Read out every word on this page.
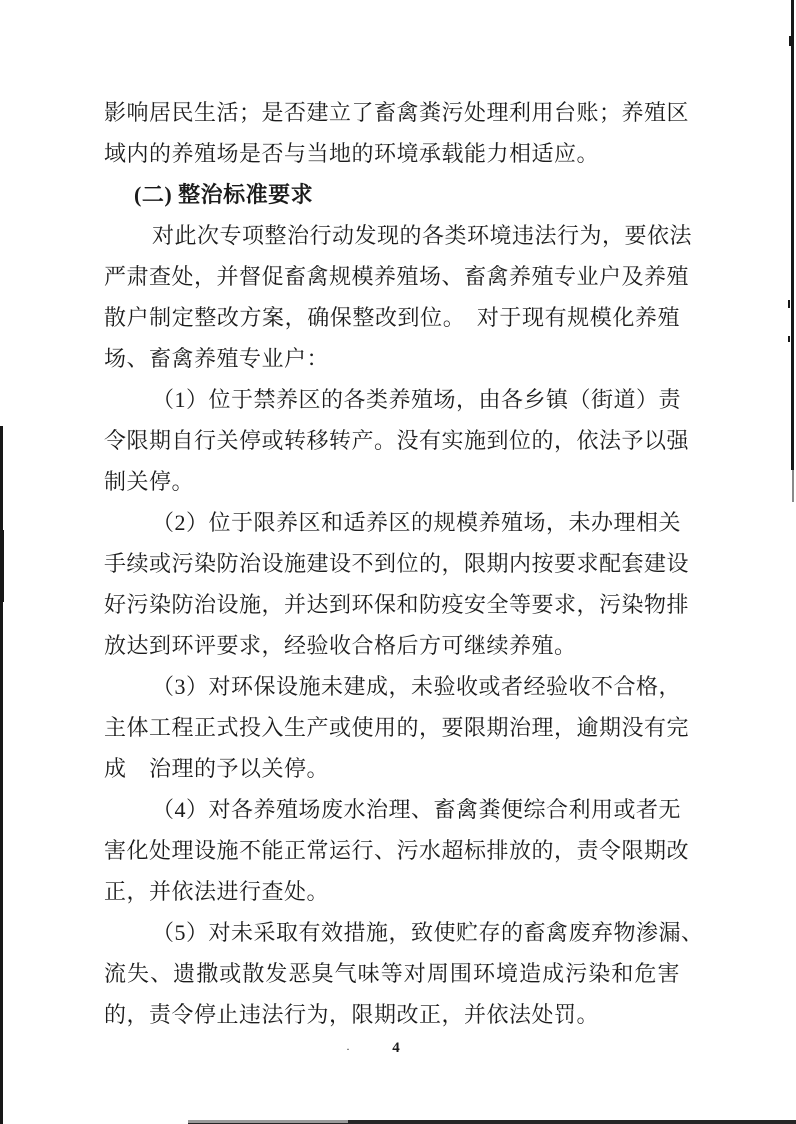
影响居民生活；是否建立了畜禽粪污处理利用台账；养殖区
域内的养殖场是否与当地的环境承载能力相适应。
(二) 整治标准要求
对此次专项整治行动发现的各类环境违法行为，要依法
严肃查处，并督促畜禽规模养殖场、畜禽养殖专业户及养殖
散户制定整改方案，确保整改到位。　对于现有规模化养殖
场、畜禽养殖专业户：
（1）位于禁养区的各类养殖场，由各乡镇（街道）责
令限期自行关停或转移转产。没有实施到位的，依法予以强
制关停。
（2）位于限养区和适养区的规模养殖场，未办理相关
手续或污染防治设施建设不到位的，限期内按要求配套建设
好污染防治设施，并达到环保和防疫安全等要求，污染物排
放达到环评要求，经验收合格后方可继续养殖。
（3）对环保设施未建成，未验收或者经验收不合格，
主体工程正式投入生产或使用的，要限期治理，逾期没有完
成　治理的予以关停。
（4）对各养殖场废水治理、畜禽粪便综合利用或者无
害化处理设施不能正常运行、污水超标排放的，责令限期改
正，并依法进行查处。
（5）对未采取有效措施，致使贮存的畜禽废弃物渗漏、
流失、遗撒或散发恶臭气味等对周围环境造成污染和危害
的，责令停止违法行为，限期改正，并依法处罚。
·	4
